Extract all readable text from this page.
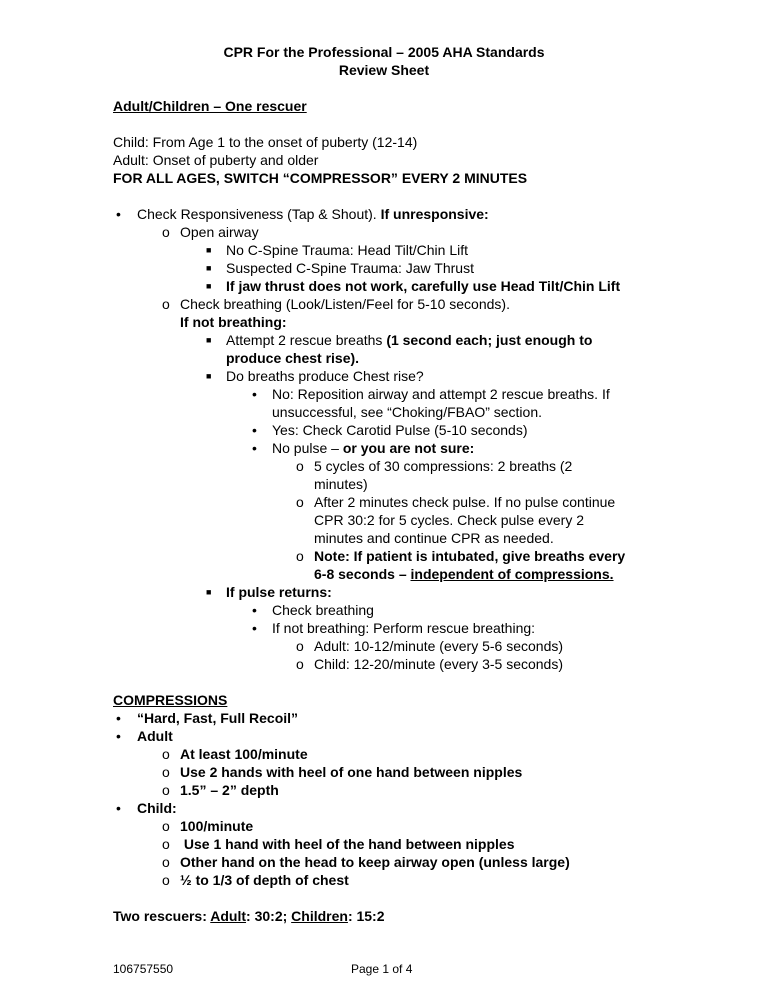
CPR For the Professional – 2005 AHA Standards
Review Sheet
Adult/Children – One rescuer
Child: From Age 1 to the onset of puberty (12-14)
Adult: Onset of puberty and older
FOR ALL AGES, SWITCH “COMPRESSOR” EVERY 2 MINUTES
• Check Responsiveness (Tap & Shout). If unresponsive:
o Open airway
■ No C-Spine Trauma: Head Tilt/Chin Lift
■ Suspected C-Spine Trauma: Jaw Thrust
■ If jaw thrust does not work, carefully use Head Tilt/Chin Lift
o Check breathing (Look/Listen/Feel for 5-10 seconds).
If not breathing:
■ Attempt 2 rescue breaths (1 second each; just enough to
produce chest rise).
■ Do breaths produce Chest rise?
• No: Reposition airway and attempt 2 rescue breaths. If
unsuccessful, see “Choking/FBAO” section.
• Yes: Check Carotid Pulse (5-10 seconds)
• No pulse – or you are not sure:
o 5 cycles of 30 compressions: 2 breaths (2
minutes)
o After 2 minutes check pulse. If no pulse continue
CPR 30:2 for 5 cycles. Check pulse every 2
minutes and continue CPR as needed.
o Note: If patient is intubated, give breaths every
6-8 seconds – independent of compressions.
■ If pulse returns:
• Check breathing
• If not breathing: Perform rescue breathing:
o Adult: 10-12/minute (every 5-6 seconds)
o Child: 12-20/minute (every 3-5 seconds)
COMPRESSIONS
• “Hard, Fast, Full Recoil”
• Adult
o At least 100/minute
o Use 2 hands with heel of one hand between nipples
o 1.5” – 2” depth
• Child:
o 100/minute
o Use 1 hand with heel of the hand between nipples
o Other hand on the head to keep airway open (unless large)
o ½ to 1/3 of depth of chest
Two rescuers: Adult: 30:2; Children: 15:2
106757550	Page 1 of 4
